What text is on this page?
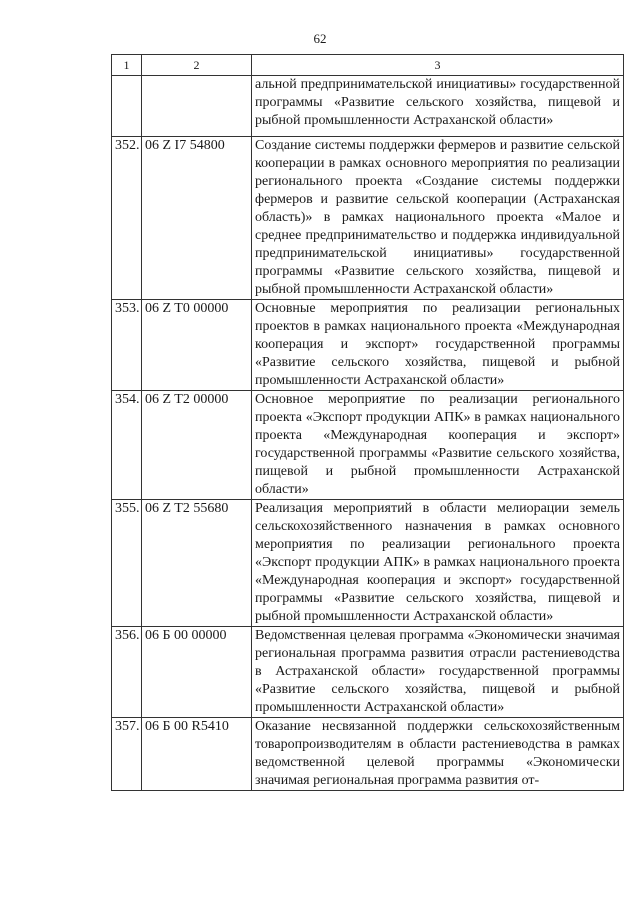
62
1	2	3
		альной предпринимательской инициативы» государственной программы «Развитие сельского хозяйства, пищевой и рыбной промышленности Астраханской области»
352.	06 Z I7 54800	Создание системы поддержки фермеров и развитие сельской кооперации в рамках основного мероприятия по реализации регионального проекта «Создание системы поддержки фермеров и развитие сельской кооперации (Астраханская область)» в рамках национального проекта «Малое и среднее предпринимательство и поддержка индивидуальной предпринимательской инициативы» государственной программы «Развитие сельского хозяйства, пищевой и рыбной промышленности Астраханской области»
353.	06 Z T0 00000	Основные мероприятия по реализации региональных проектов в рамках национального проекта «Международная кооперация и экспорт» государственной программы «Развитие сельского хозяйства, пищевой и рыбной промышленности Астраханской области»
354.	06 Z T2 00000	Основное мероприятие по реализации регионального проекта «Экспорт продукции АПК» в рамках национального проекта «Международная кооперация и экспорт» государственной программы «Развитие сельского хозяйства, пищевой и рыбной промышленности Астраханской области»
355.	06 Z T2 55680	Реализация мероприятий в области мелиорации земель сельскохозяйственного назначения в рамках основного мероприятия по реализации регионального проекта «Экспорт продукции АПК» в рамках национального проекта «Международная кооперация и экспорт» государственной программы «Развитие сельского хозяйства, пищевой и рыбной промышленности Астраханской области»
356.	06 Б 00 00000	Ведомственная целевая программа «Экономически значимая региональная программа развития отрасли растениеводства в Астраханской области» государственной программы «Развитие сельского хозяйства, пищевой и рыбной промышленности Астраханской области»
357.	06 Б 00 R5410	Оказание несвязанной поддержки сельскохозяйственным товаропроизводителям в области растениеводства в рамках ведомственной целевой программы «Экономически значимая региональная программа развития от-
